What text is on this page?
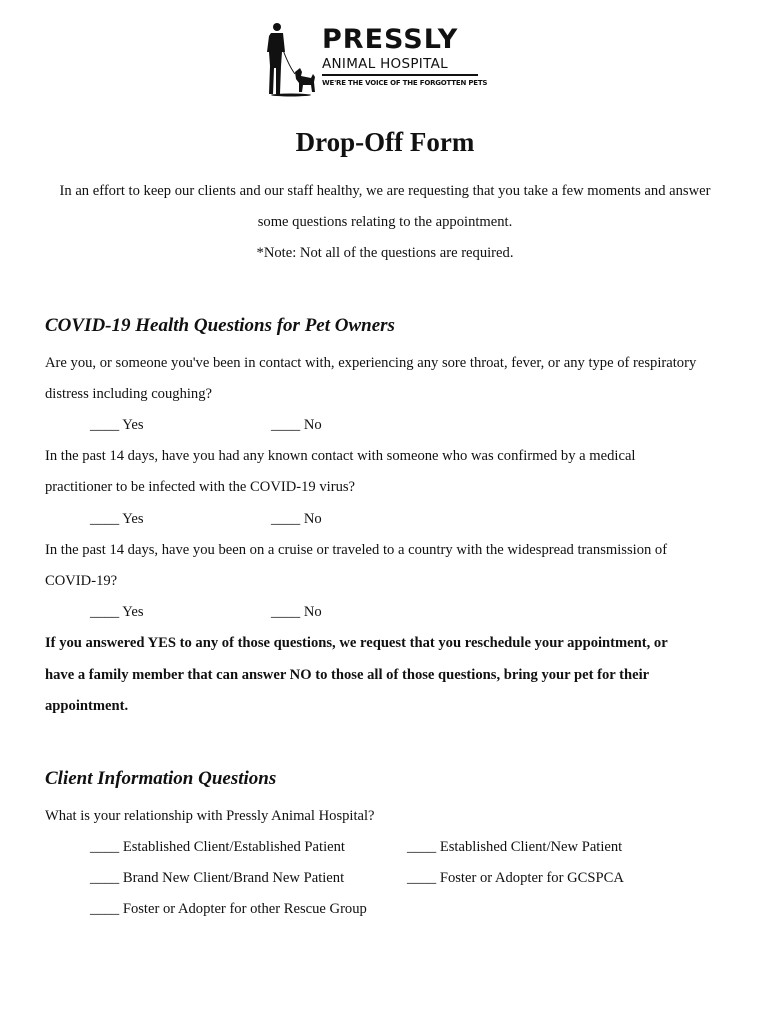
PRESSLY
ANIMAL HOSPITAL
WE'RE THE VOICE OF THE FORGOTTEN PETS
Drop-Off Form
In an effort to keep our clients and our staff healthy, we are requesting that you take a few moments and answer
some questions relating to the appointment.
*Note: Not all of the questions are required.
COVID-19 Health Questions for Pet Owners
Are you, or someone you've been in contact with, experiencing any sore throat, fever, or any type of respiratory
distress including coughing?
____ Yes	____ No
In the past 14 days, have you had any known contact with someone who was confirmed by a medical
practitioner to be infected with the COVID-19 virus?
____ Yes	____ No
In the past 14 days, have you been on a cruise or traveled to a country with the widespread transmission of
COVID-19?
____ Yes	____ No
If you answered YES to any of those questions, we request that you reschedule your appointment, or
have a family member that can answer NO to those all of those questions, bring your pet for their
appointment.
Client Information Questions
What is your relationship with Pressly Animal Hospital?
____ Established Client/Established Patient	____ Established Client/New Patient
____ Brand New Client/Brand New Patient	____ Foster or Adopter for GCSPCA
____ Foster or Adopter for other Rescue Group
